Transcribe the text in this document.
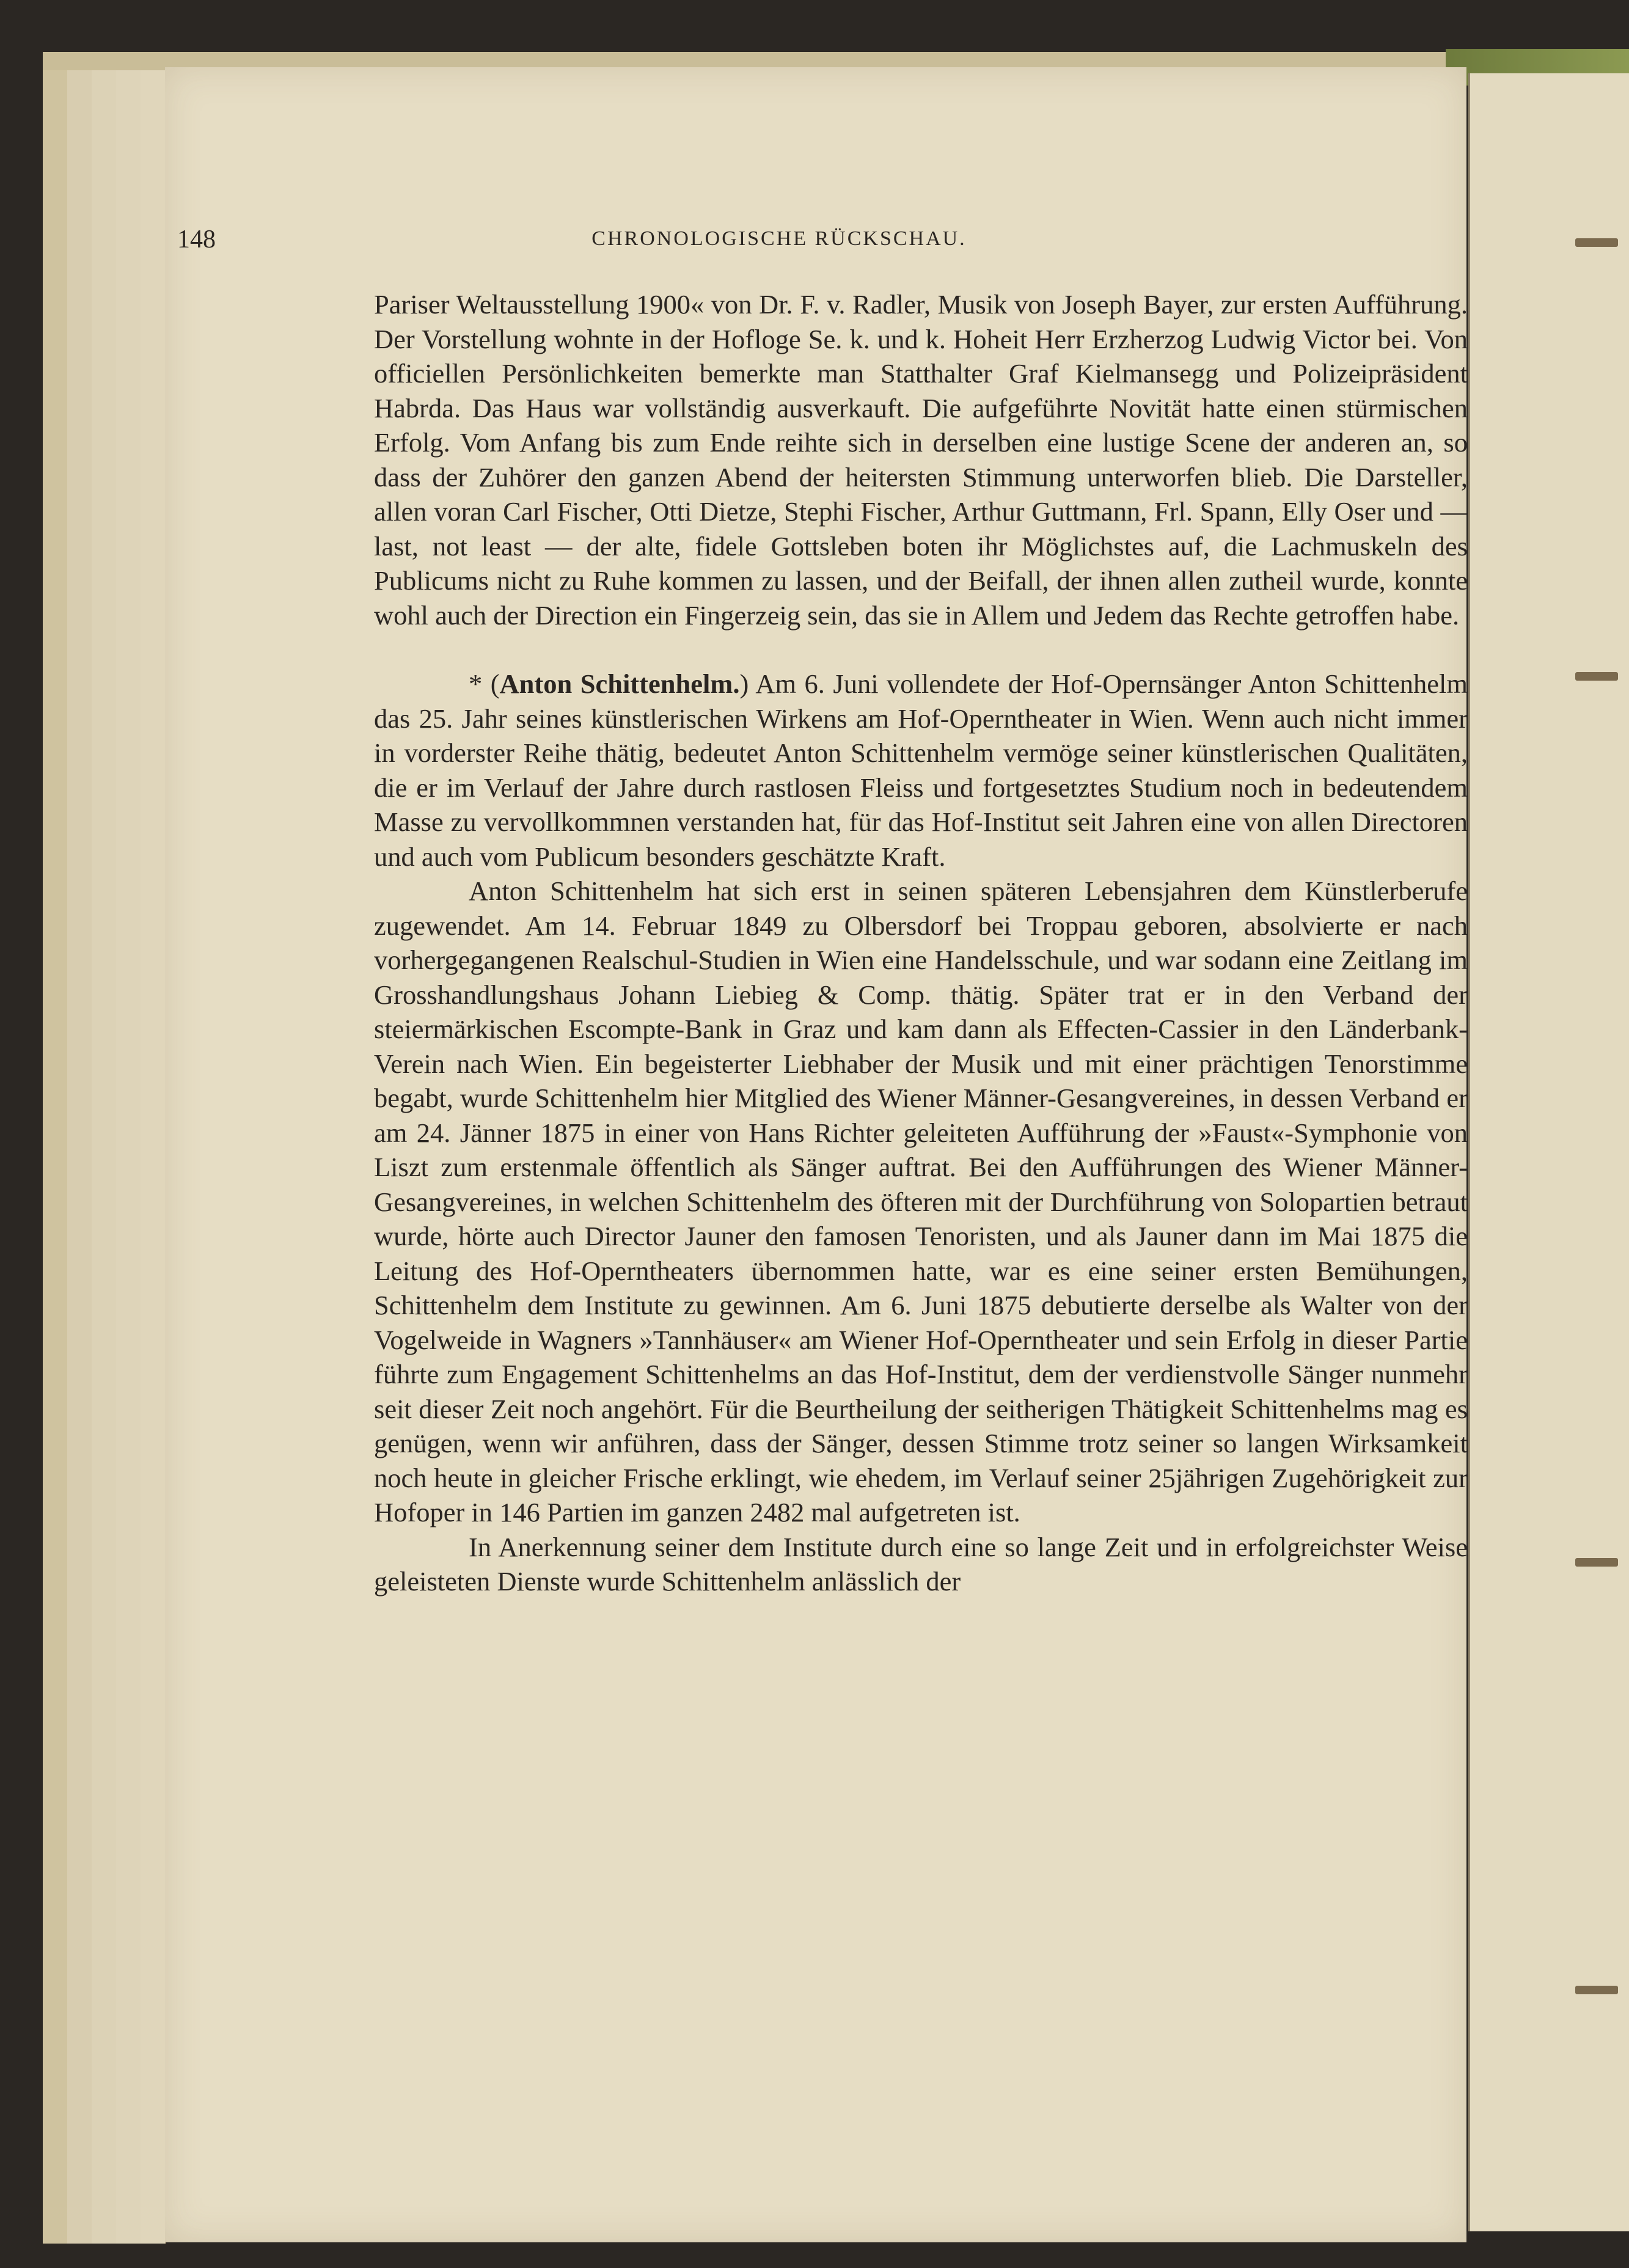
148	CHRONOLOGISCHE RÜCKSCHAU.

Pariser Weltausstellung 1900« von Dr. F. v. Radler, Musik von Joseph Bayer, zur ersten Aufführung. Der Vorstellung wohnte in der Hofloge Se. k. und k. Hoheit Herr Erzherzog Ludwig Victor bei. Von officiellen Persönlichkeiten bemerkte man Statthalter Graf Kielmansegg und Polizeipräsident Habrda. Das Haus war vollständig ausverkauft. Die aufgeführte Novität hatte einen stürmischen Erfolg. Vom Anfang bis zum Ende reihte sich in derselben eine lustige Scene der anderen an, so dass der Zuhörer den ganzen Abend der heitersten Stimmung unterworfen blieb. Die Darsteller, allen voran Carl Fischer, Otti Dietze, Stephi Fischer, Arthur Guttmann, Frl. Spann, Elly Oser und — last, not least — der alte, fidele Gottsleben boten ihr Möglichstes auf, die Lachmuskeln des Publicums nicht zu Ruhe kommen zu lassen, und der Beifall, der ihnen allen zutheil wurde, konnte wohl auch der Direction ein Fingerzeig sein, das sie in Allem und Jedem das Rechte getroffen habe.

* (Anton Schittenhelm.) Am 6. Juni vollendete der Hof-Opernsänger Anton Schittenhelm das 25. Jahr seines künstlerischen Wirkens am Hof-Operntheater in Wien. Wenn auch nicht immer in vorderster Reihe thätig, bedeutet Anton Schittenhelm vermöge seiner künstlerischen Qualitäten, die er im Verlauf der Jahre durch rastlosen Fleiss und fortgesetztes Studium noch in bedeutendem Masse zu vervollkommnen verstanden hat, für das Hof-Institut seit Jahren eine von allen Directoren und auch vom Publicum besonders geschätzte Kraft.

Anton Schittenhelm hat sich erst in seinen späteren Lebensjahren dem Künstlerberufe zugewendet. Am 14. Februar 1849 zu Olbersdorf bei Troppau geboren, absolvierte er nach vorhergegangenen Realschul-Studien in Wien eine Handelsschule, und war sodann eine Zeitlang im Grosshandlungshaus Johann Liebieg & Comp. thätig. Später trat er in den Verband der steiermärkischen Escompte-Bank in Graz und kam dann als Effecten-Cassier in den Länderbank-Verein nach Wien. Ein begeisterter Liebhaber der Musik und mit einer prächtigen Tenorstimme begabt, wurde Schittenhelm hier Mitglied des Wiener Männer-Gesangvereines, in dessen Verband er am 24. Jänner 1875 in einer von Hans Richter geleiteten Aufführung der »Faust«-Symphonie von Liszt zum erstenmale öffentlich als Sänger auftrat. Bei den Aufführungen des Wiener Männer-Gesangvereines, in welchen Schittenhelm des öfteren mit der Durchführung von Solopartien betraut wurde, hörte auch Director Jauner den famosen Tenoristen, und als Jauner dann im Mai 1875 die Leitung des Hof-Operntheaters übernommen hatte, war es eine seiner ersten Bemühungen, Schittenhelm dem Institute zu gewinnen. Am 6. Juni 1875 debutierte derselbe als Walter von der Vogelweide in Wagners »Tannhäuser« am Wiener Hof-Operntheater und sein Erfolg in dieser Partie führte zum Engagement Schittenhelms an das Hof-Institut, dem der verdienstvolle Sänger nunmehr seit dieser Zeit noch angehört. Für die Beurtheilung der seitherigen Thätigkeit Schittenhelms mag es genügen, wenn wir anführen, dass der Sänger, dessen Stimme trotz seiner so langen Wirksamkeit noch heute in gleicher Frische erklingt, wie ehedem, im Verlauf seiner 25jährigen Zugehörigkeit zur Hofoper in 146 Partien im ganzen 2482 mal aufgetreten ist.

In Anerkennung seiner dem Institute durch eine so lange Zeit und in erfolgreichster Weise geleisteten Dienste wurde Schittenhelm anlässlich der
